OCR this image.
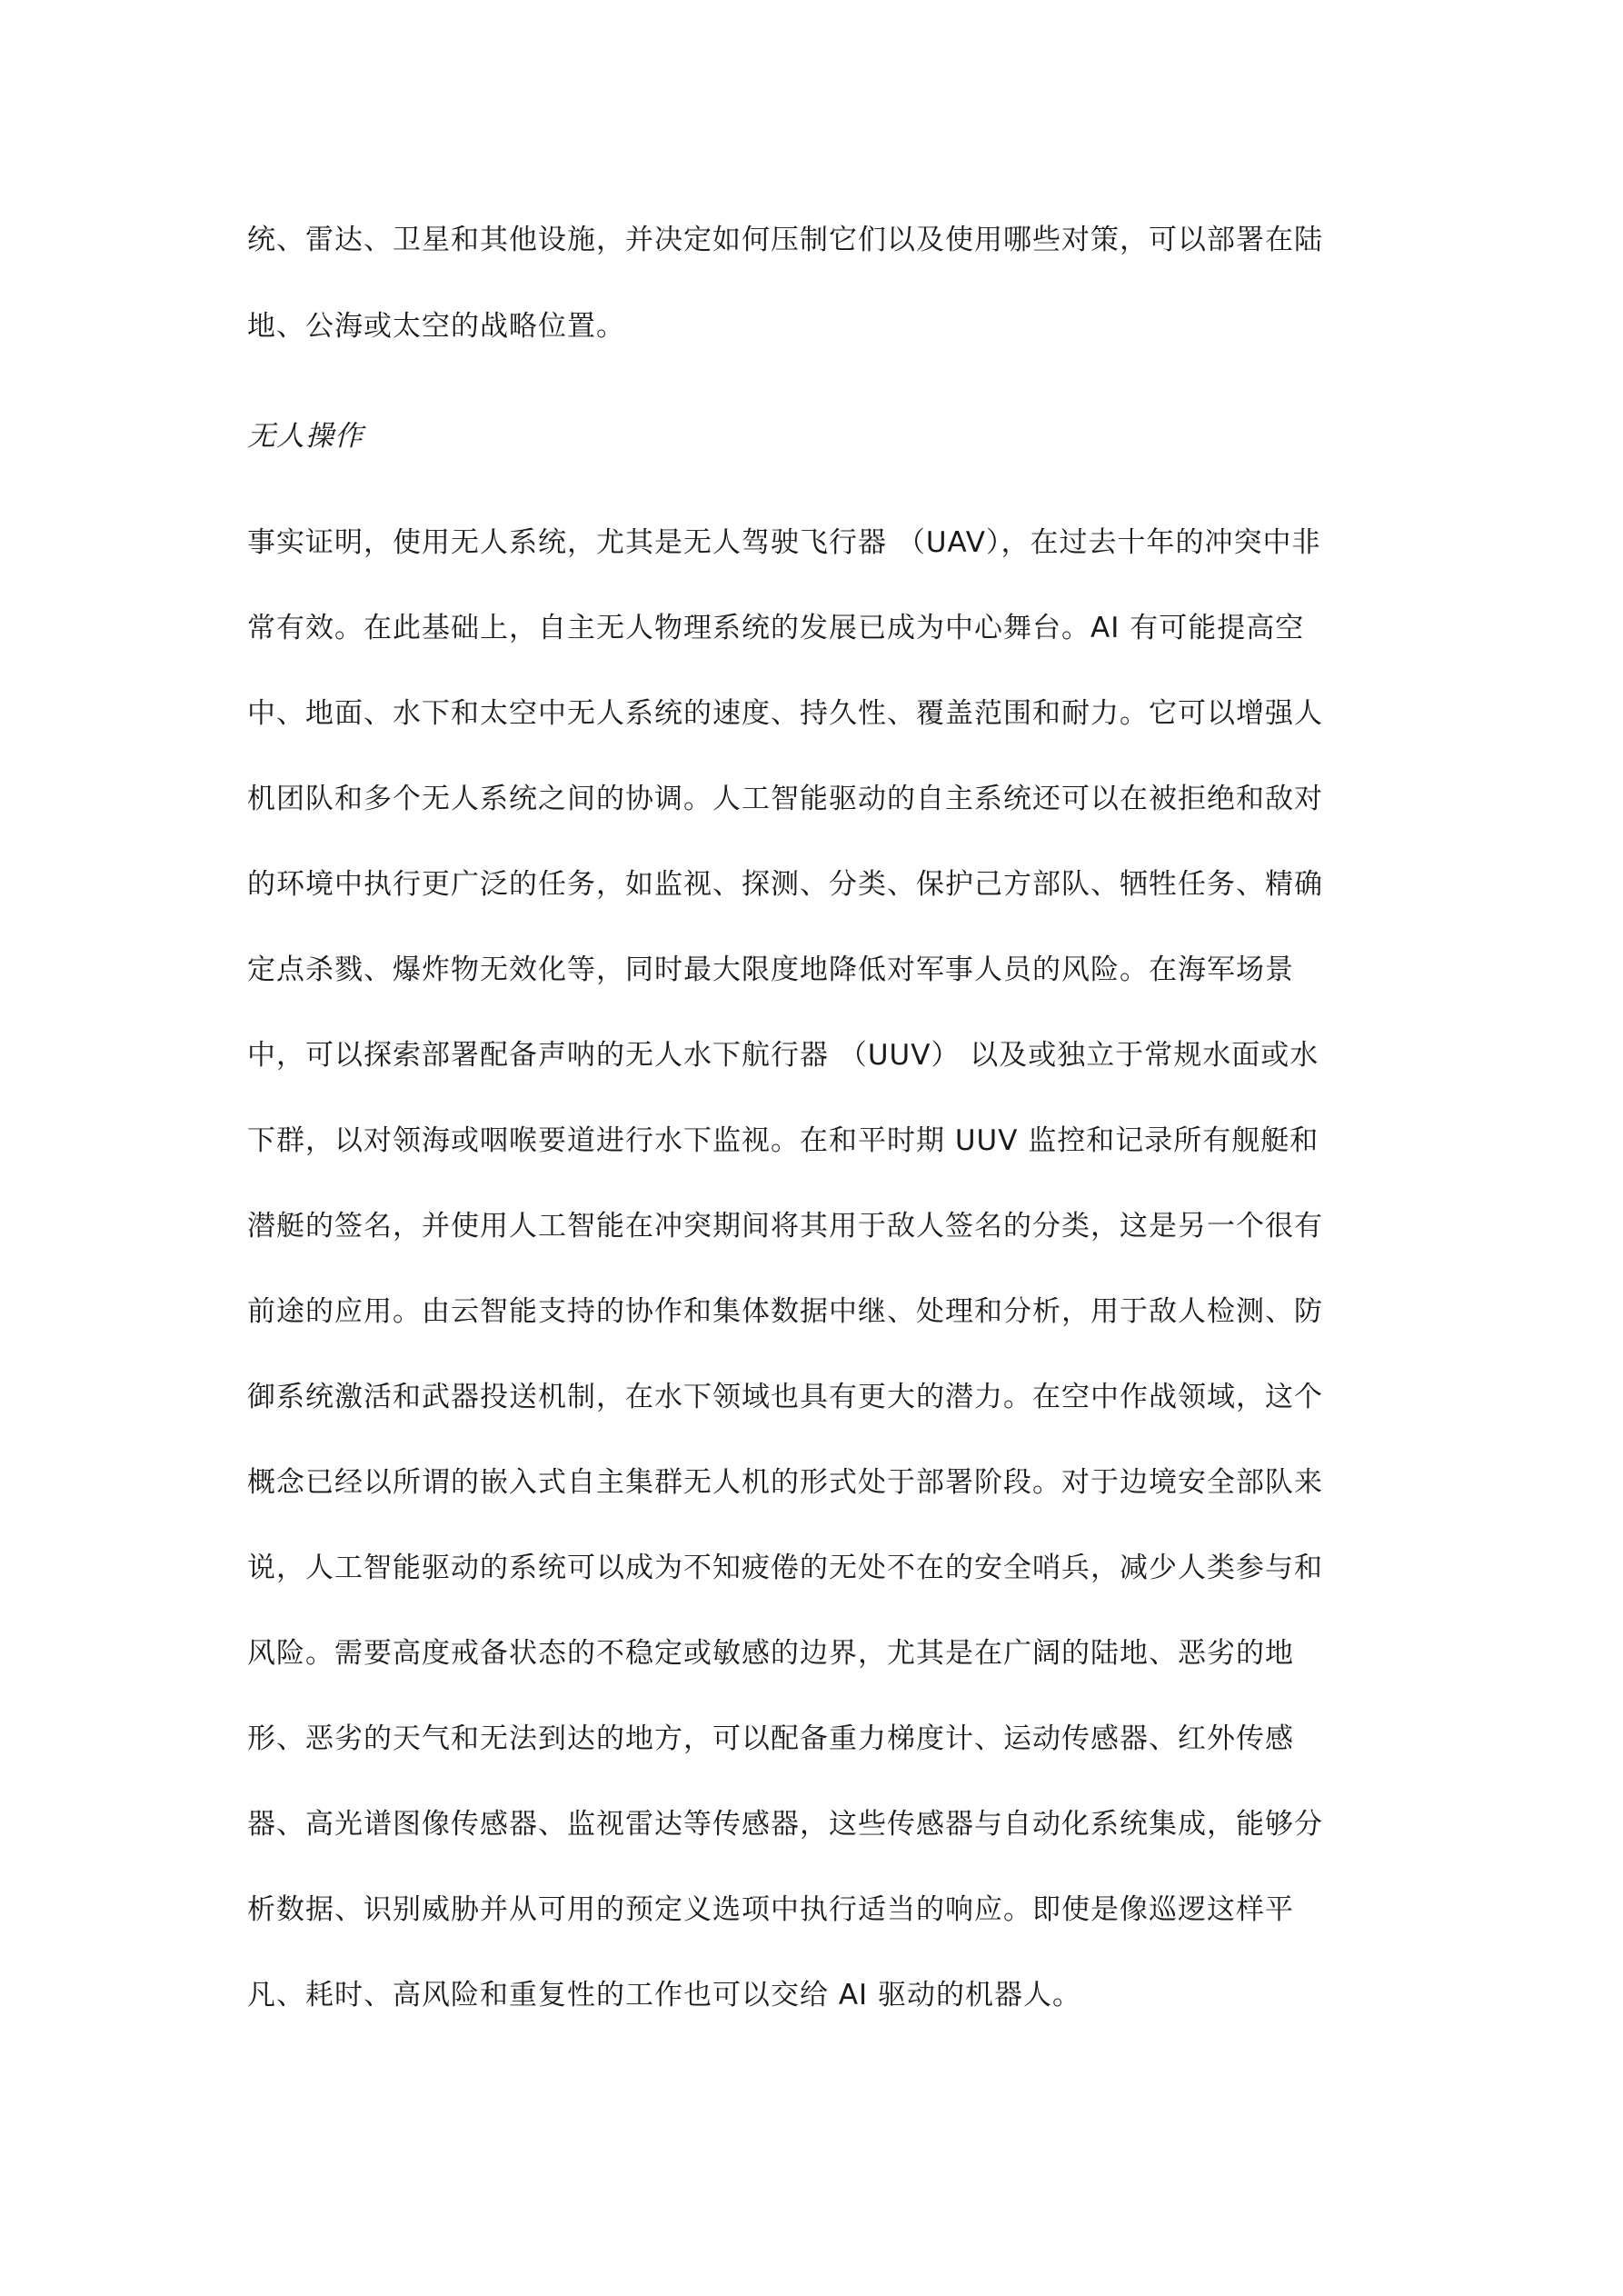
统、雷达、卫星和其他设施，并决定如何压制它们以及使用哪些对策，可以部署在陆
地、公海或太空的战略位置。
无人操作
事实证明，使用无人系统，尤其是无人驾驶飞行器 （UAV），在过去十年的冲突中非
常有效。在此基础上，自主无人物理系统的发展已成为中心舞台。AI 有可能提高空
中、地面、水下和太空中无人系统的速度、持久性、覆盖范围和耐力。它可以增强人
机团队和多个无人系统之间的协调。人工智能驱动的自主系统还可以在被拒绝和敌对
的环境中执行更广泛的任务，如监视、探测、分类、保护己方部队、牺牲任务、精确
定点杀戮、爆炸物无效化等，同时最大限度地降低对军事人员的风险。在海军场景
中，可以探索部署配备声呐的无人水下航行器 （UUV） 以及或独立于常规水面或水
下群，以对领海或咽喉要道进行水下监视。在和平时期 UUV 监控和记录所有舰艇和
潜艇的签名，并使用人工智能在冲突期间将其用于敌人签名的分类，这是另一个很有
前途的应用。由云智能支持的协作和集体数据中继、处理和分析，用于敌人检测、防
御系统激活和武器投送机制，在水下领域也具有更大的潜力。在空中作战领域，这个
概念已经以所谓的嵌入式自主集群无人机的形式处于部署阶段。对于边境安全部队来
说，人工智能驱动的系统可以成为不知疲倦的无处不在的安全哨兵，减少人类参与和
风险。需要高度戒备状态的不稳定或敏感的边界，尤其是在广阔的陆地、恶劣的地
形、恶劣的天气和无法到达的地方，可以配备重力梯度计、运动传感器、红外传感
器、高光谱图像传感器、监视雷达等传感器，这些传感器与自动化系统集成，能够分
析数据、识别威胁并从可用的预定义选项中执行适当的响应。即使是像巡逻这样平
凡、耗时、高风险和重复性的工作也可以交给 AI 驱动的机器人。
